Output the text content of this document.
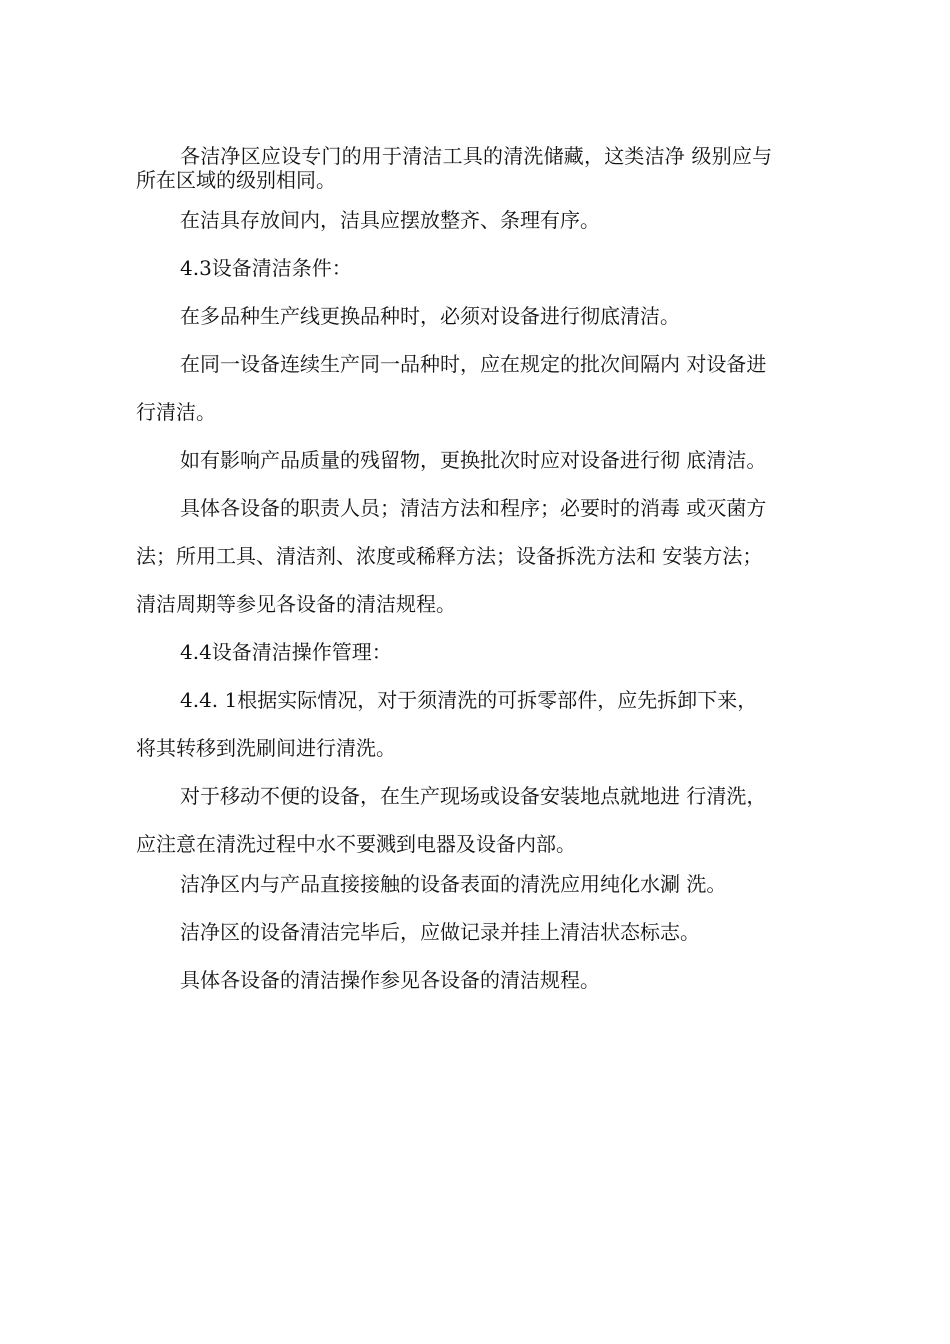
各洁净区应设专门的用于清洁工具的清洗储藏，这类洁净 级别应与
所在区域的级别相同。
在洁具存放间内，洁具应摆放整齐、条理有序。
4.3设备清洁条件：
在多品种生产线更换品种时，必须对设备进行彻底清洁。
在同一设备连续生产同一品种时，应在规定的批次间隔内 对设备进
行清洁。
如有影响产品质量的残留物，更换批次时应对设备进行彻 底清洁。
具体各设备的职责人员；清洁方法和程序；必要时的消毒 或灭菌方
法；所用工具、清洁剂、浓度或稀释方法；设备拆洗方法和 安装方法；
清洁周期等参见各设备的清洁规程。
4.4设备清洁操作管理：
4.4. 1根据实际情况，对于须清洗的可拆零部件，应先拆卸下来，
将其转移到洗刷间进行清洗。
对于移动不便的设备，在生产现场或设备安装地点就地进 行清洗，
应注意在清洗过程中水不要溅到电器及设备内部。
洁净区内与产品直接接触的设备表面的清洗应用纯化水涮 洗。
洁净区的设备清洁完毕后，应做记录并挂上清洁状态标志。
具体各设备的清洁操作参见各设备的清洁规程。
